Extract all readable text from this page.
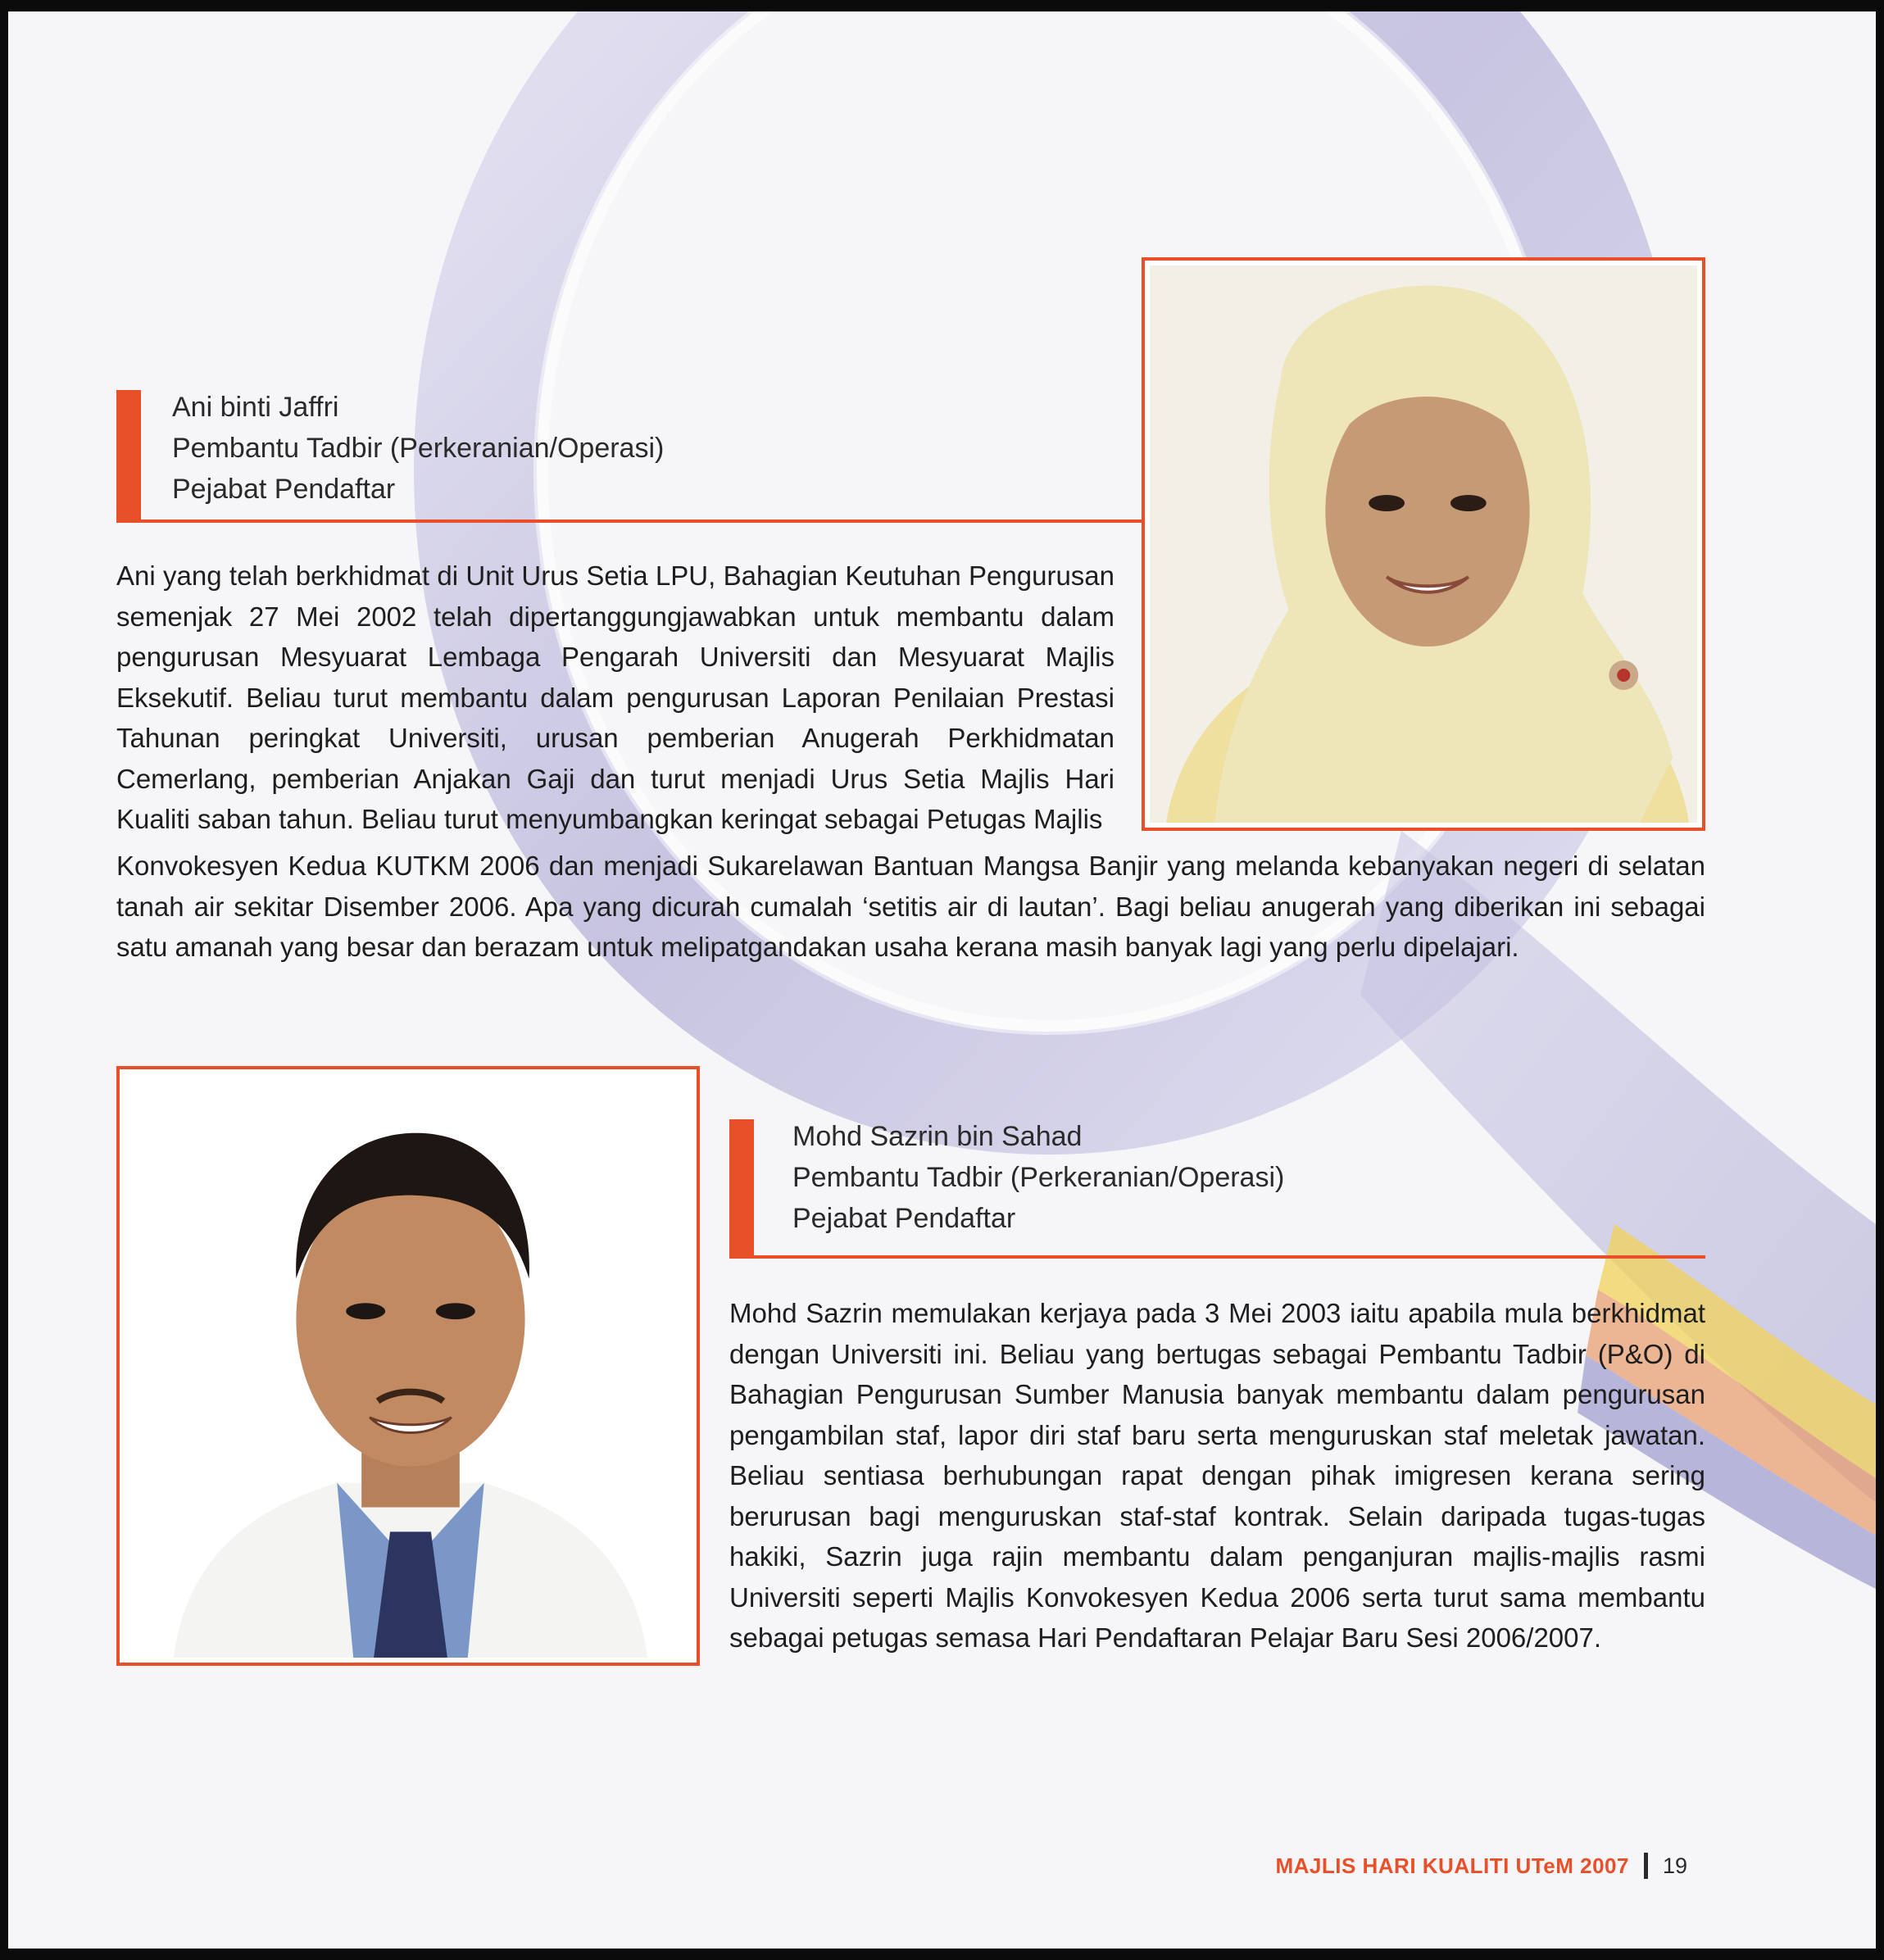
Ani binti Jaffri
Pembantu Tadbir (Perkeranian/Operasi)
Pejabat Pendaftar

Ani yang telah berkhidmat di Unit Urus Setia LPU, Bahagian Keutuhan Pengurusan semenjak 27 Mei 2002 telah dipertanggungjawabkan untuk membantu dalam pengurusan Mesyuarat Lembaga Pengarah Universiti dan Mesyuarat Majlis Eksekutif. Beliau turut membantu dalam pengurusan Laporan Penilaian Prestasi Tahunan peringkat Universiti, urusan pemberian Anugerah Perkhidmatan Cemerlang, pemberian Anjakan Gaji dan turut menjadi Urus Setia Majlis Hari Kualiti saban tahun. Beliau turut menyumbangkan keringat sebagai Petugas Majlis

Konvokesyen Kedua KUTKM 2006 dan menjadi Sukarelawan Bantuan Mangsa Banjir yang melanda kebanyakan negeri di selatan tanah air sekitar Disember 2006. Apa yang dicurah cumalah ‘setitis air di lautan’. Bagi beliau anugerah yang diberikan ini sebagai satu amanah yang besar dan berazam untuk melipatgandakan usaha kerana masih banyak lagi yang perlu dipelajari.

Mohd Sazrin bin Sahad
Pembantu Tadbir (Perkeranian/Operasi)
Pejabat Pendaftar

Mohd Sazrin memulakan kerjaya pada 3 Mei 2003 iaitu apabila mula berkhidmat dengan Universiti ini. Beliau yang bertugas sebagai Pembantu Tadbir (P&O) di Bahagian Pengurusan Sumber Manusia banyak membantu dalam pengurusan pengambilan staf, lapor diri staf baru serta menguruskan staf meletak jawatan. Beliau sentiasa berhubungan rapat dengan pihak imigresen kerana sering berurusan bagi menguruskan staf-staf kontrak. Selain daripada tugas-tugas hakiki, Sazrin juga rajin membantu dalam penganjuran majlis-majlis rasmi Universiti seperti Majlis Konvokesyen Kedua 2006 serta turut sama membantu sebagai petugas semasa Hari Pendaftaran Pelajar Baru Sesi 2006/2007.

MAJLIS HARI KUALITI UTeM 2007 19
